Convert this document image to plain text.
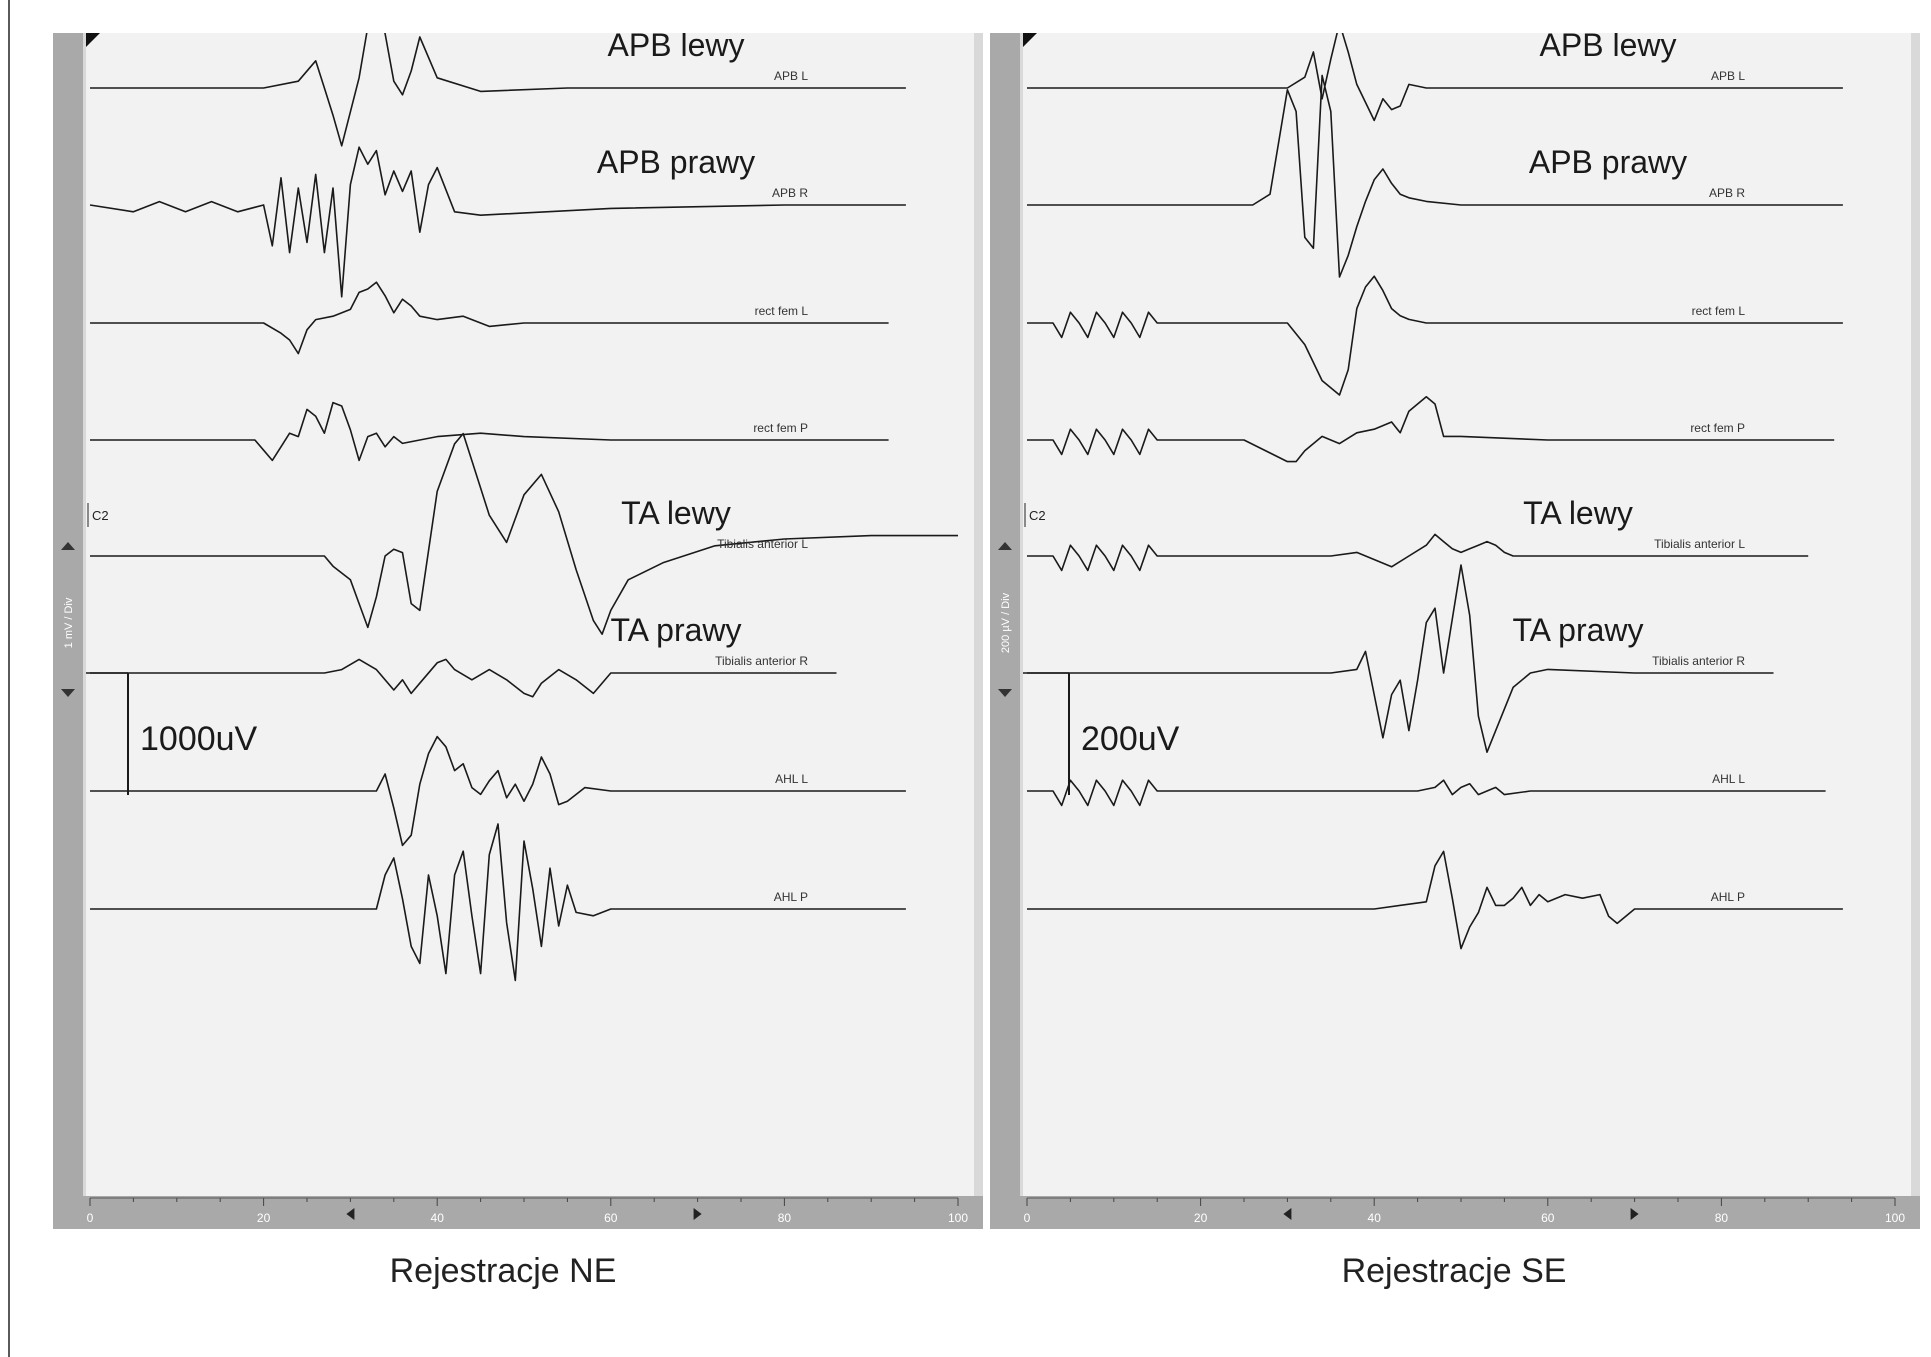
1 mV / Div
C2
APB L
APB lewy
APB R
APB prawy
rect fem L
rect fem P
Tibialis anterior L
TA lewy
Tibialis anterior R
TA prawy
AHL L
AHL P
1000uV
0	20	40	60	80	100
200 µV / Div
C2
APB L
APB lewy
APB R
APB prawy
rect fem L
rect fem P
Tibialis anterior L
TA lewy
Tibialis anterior R
TA prawy
AHL L
AHL P
200uV
0	20	40	60	80	100
Rejestracje NE	Rejestracje SE
